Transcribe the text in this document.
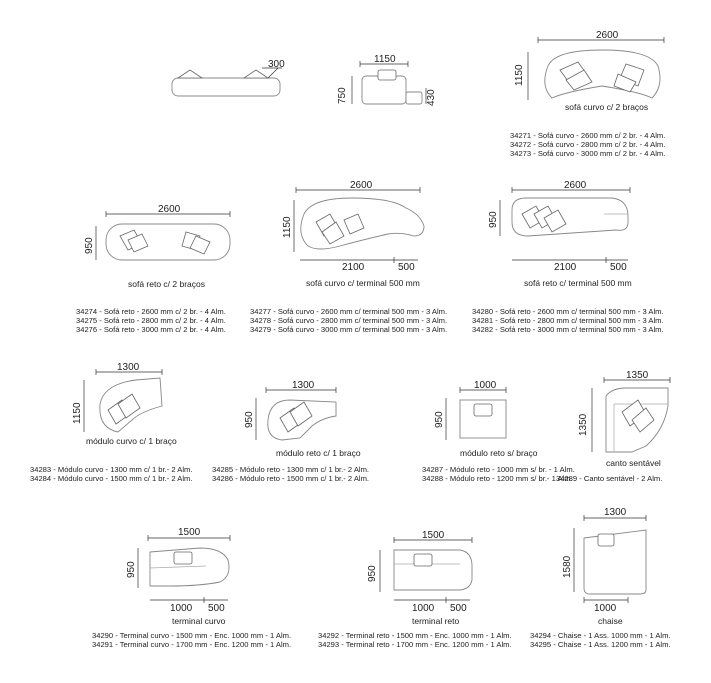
300	1150
750	430
2600
1150
sofá curvo c/ 2 braços
34271 - Sofá curvo - 2600 mm c/ 2 br. - 4 Alm.
34272 - Sofá curvo - 2800 mm c/ 2 br. - 4 Alm.
34273 - Sofá curvo - 3000 mm c/ 2 br. - 4 Alm.
2600
950
sofá reto c/ 2 braços
34274 - Sofá reto - 2600 mm c/ 2 br. - 4 Alm.
34275 - Sofá reto - 2800 mm c/ 2 br. - 4 Alm.
34276 - Sofá reto - 3000 mm c/ 2 br. - 4 Alm.
2600
1150
2100	500
sofá curvo c/ terminal 500 mm
34277 - Sofá curvo - 2600 mm c/ terminal 500 mm - 3 Alm.
34278 - Sofá curvo - 2800 mm c/ terminal 500 mm - 3 Alm.
34279 - Sofá curvo - 3000 mm c/ terminal 500 mm - 3 Alm.
2600
950
2100	500
sofá reto c/ terminal 500 mm
34280 - Sofá reto - 2600 mm c/ terminal 500 mm - 3 Alm.
34281 - Sofá reto - 2800 mm c/ terminal 500 mm - 3 Alm.
34282 - Sofá reto - 3000 mm c/ terminal 500 mm - 3 Alm.
1300
1150
módulo curvo c/ 1 braço
34283 - Módulo curvo - 1300 mm c/ 1 br.- 2 Alm.
34284 - Módulo curvo - 1500 mm c/ 1 br.- 2 Alm.
1300
950
módulo reto c/ 1 braço
34285 - Módulo reto - 1300 mm c/ 1 br.- 2 Alm.
34286 - Módulo reto - 1500 mm c/ 1 br.- 2 Alm.
1000
950
módulo reto s/ braço
34287 - Módulo reto - 1000 mm s/ br. - 1 Alm.
34288 - Módulo reto - 1200 mm s/ br.- 1 Alm.
1350
1350
canto sentável
34289 - Canto sentável - 2 Alm.
1500
950
1000 500
terminal curvo
34290 - Terminal curvo - 1500 mm - Enc. 1000 mm - 1 Alm.
34291 - Terminal curvo - 1700 mm - Enc. 1200 mm - 1 Alm.
1500
950
1000 500
terminal reto
34292 - Terminal reto - 1500 mm - Enc. 1000 mm - 1 Alm.
34293 - Terminal reto - 1700 mm - Enc. 1200 mm - 1 Alm.
1300
1580
1000
chaise
34294 - Chaise - 1 Ass. 1000 mm - 1 Alm.
34295 - Chaise - 1 Ass. 1200 mm - 1 Alm.
